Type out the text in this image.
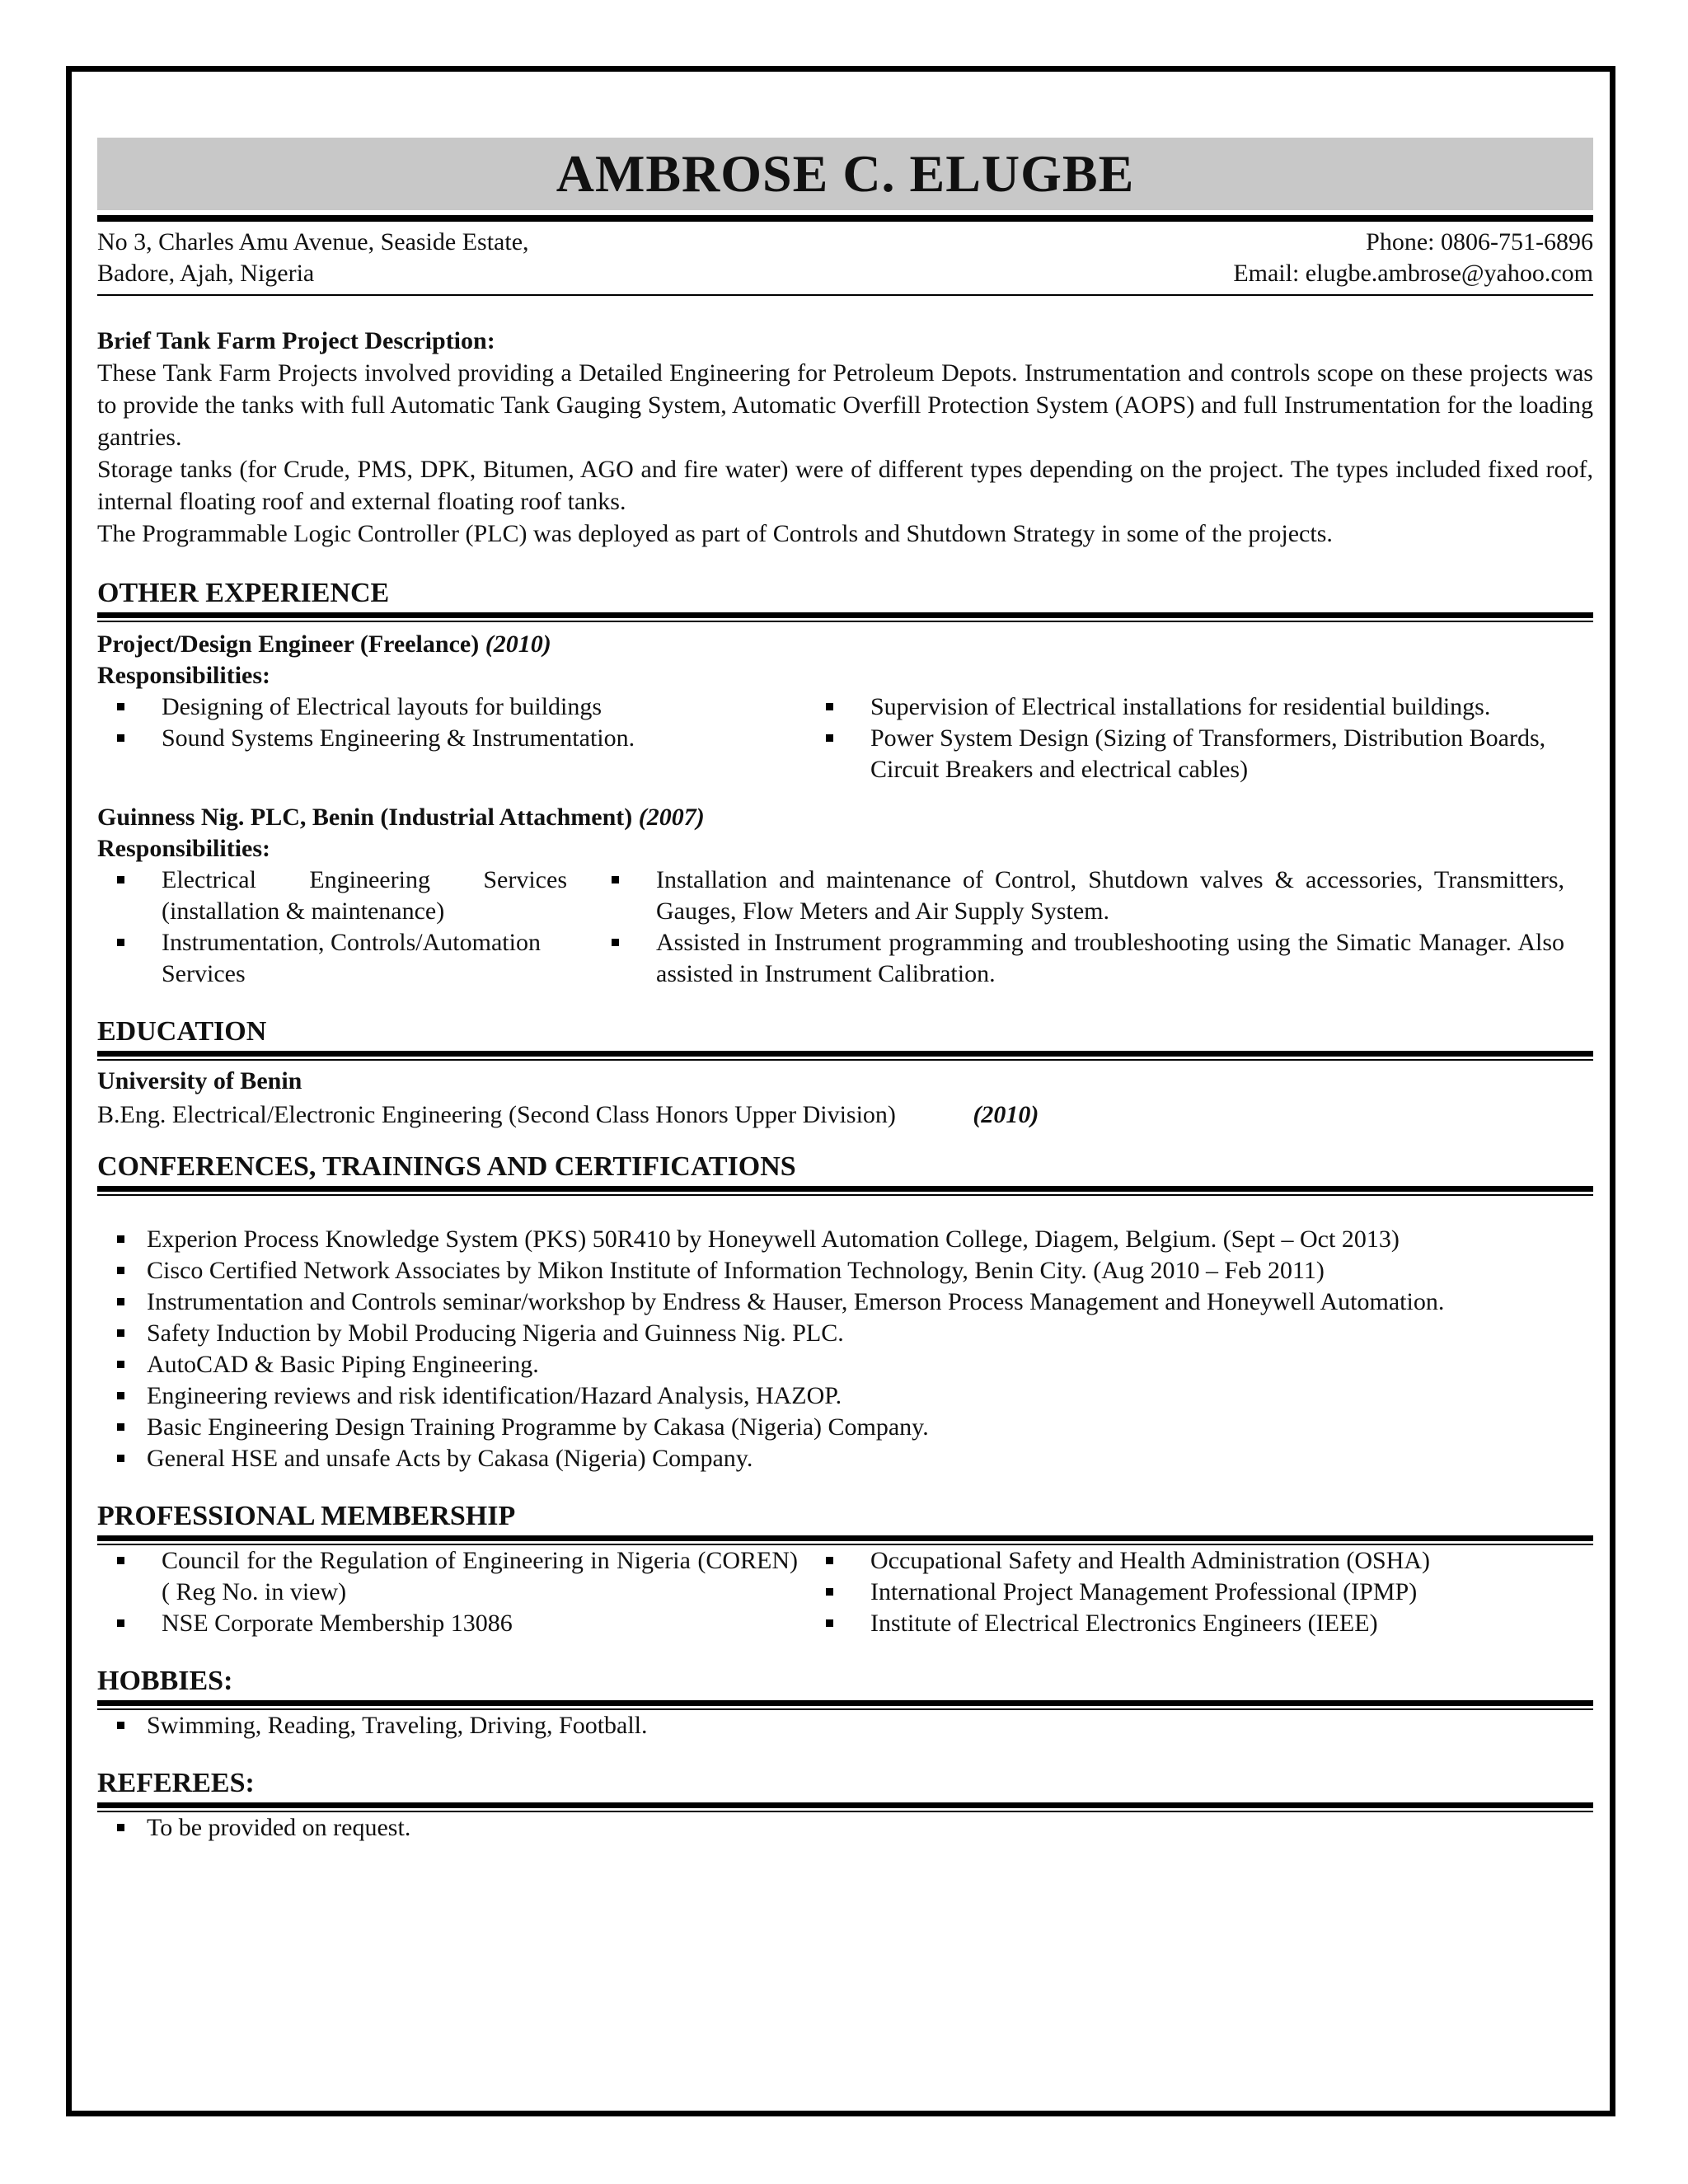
AMBROSE C. ELUGBE
No 3, Charles Amu Avenue, Seaside Estate,
Badore, Ajah, Nigeria
Phone: 0806-751-6896
Email: elugbe.ambrose@yahoo.com
Brief Tank Farm Project Description:
These Tank Farm Projects involved providing a Detailed Engineering for Petroleum Depots. Instrumentation and controls scope on these projects was to provide the tanks with full Automatic Tank Gauging System, Automatic Overfill Protection System (AOPS) and full Instrumentation for the loading gantries.
Storage tanks (for Crude, PMS, DPK, Bitumen, AGO and fire water) were of different types depending on the project. The types included fixed roof, internal floating roof and external floating roof tanks.
The Programmable Logic Controller (PLC) was deployed as part of Controls and Shutdown Strategy in some of the projects.
OTHER EXPERIENCE
Project/Design Engineer (Freelance) (2010)
Responsibilities:
Designing of Electrical layouts for buildings
Sound Systems Engineering & Instrumentation.
Supervision of Electrical installations for residential buildings.
Power System Design (Sizing of Transformers, Distribution Boards, Circuit Breakers and electrical cables)
Guinness Nig. PLC, Benin (Industrial Attachment) (2007)
Responsibilities:
Electrical Engineering Services (installation & maintenance)
Instrumentation, Controls/Automation Services
Installation and maintenance of Control, Shutdown valves & accessories, Transmitters, Gauges, Flow Meters and Air Supply System.
Assisted in Instrument programming and troubleshooting using the Simatic Manager. Also assisted in Instrument Calibration.
EDUCATION
University of Benin
B.Eng. Electrical/Electronic Engineering (Second Class Honors Upper Division)	(2010)
CONFERENCES, TRAININGS AND CERTIFICATIONS
Experion Process Knowledge System (PKS) 50R410 by Honeywell Automation College, Diagem, Belgium. (Sept – Oct 2013)
Cisco Certified Network Associates by Mikon Institute of Information Technology, Benin City. (Aug 2010 – Feb 2011)
Instrumentation and Controls seminar/workshop by Endress & Hauser, Emerson Process Management and Honeywell Automation.
Safety Induction by Mobil Producing Nigeria and Guinness Nig. PLC.
AutoCAD & Basic Piping Engineering.
Engineering reviews and risk identification/Hazard Analysis, HAZOP.
Basic Engineering Design Training Programme by Cakasa (Nigeria) Company.
General HSE and unsafe Acts by Cakasa (Nigeria) Company.
PROFESSIONAL MEMBERSHIP
Council for the Regulation of Engineering in Nigeria (COREN) ( Reg No. in view)
NSE Corporate Membership 13086
Occupational Safety and Health Administration (OSHA)
International Project Management Professional (IPMP)
Institute of Electrical Electronics Engineers (IEEE)
HOBBIES:
Swimming, Reading, Traveling, Driving, Football.
REFEREES:
To be provided on request.
